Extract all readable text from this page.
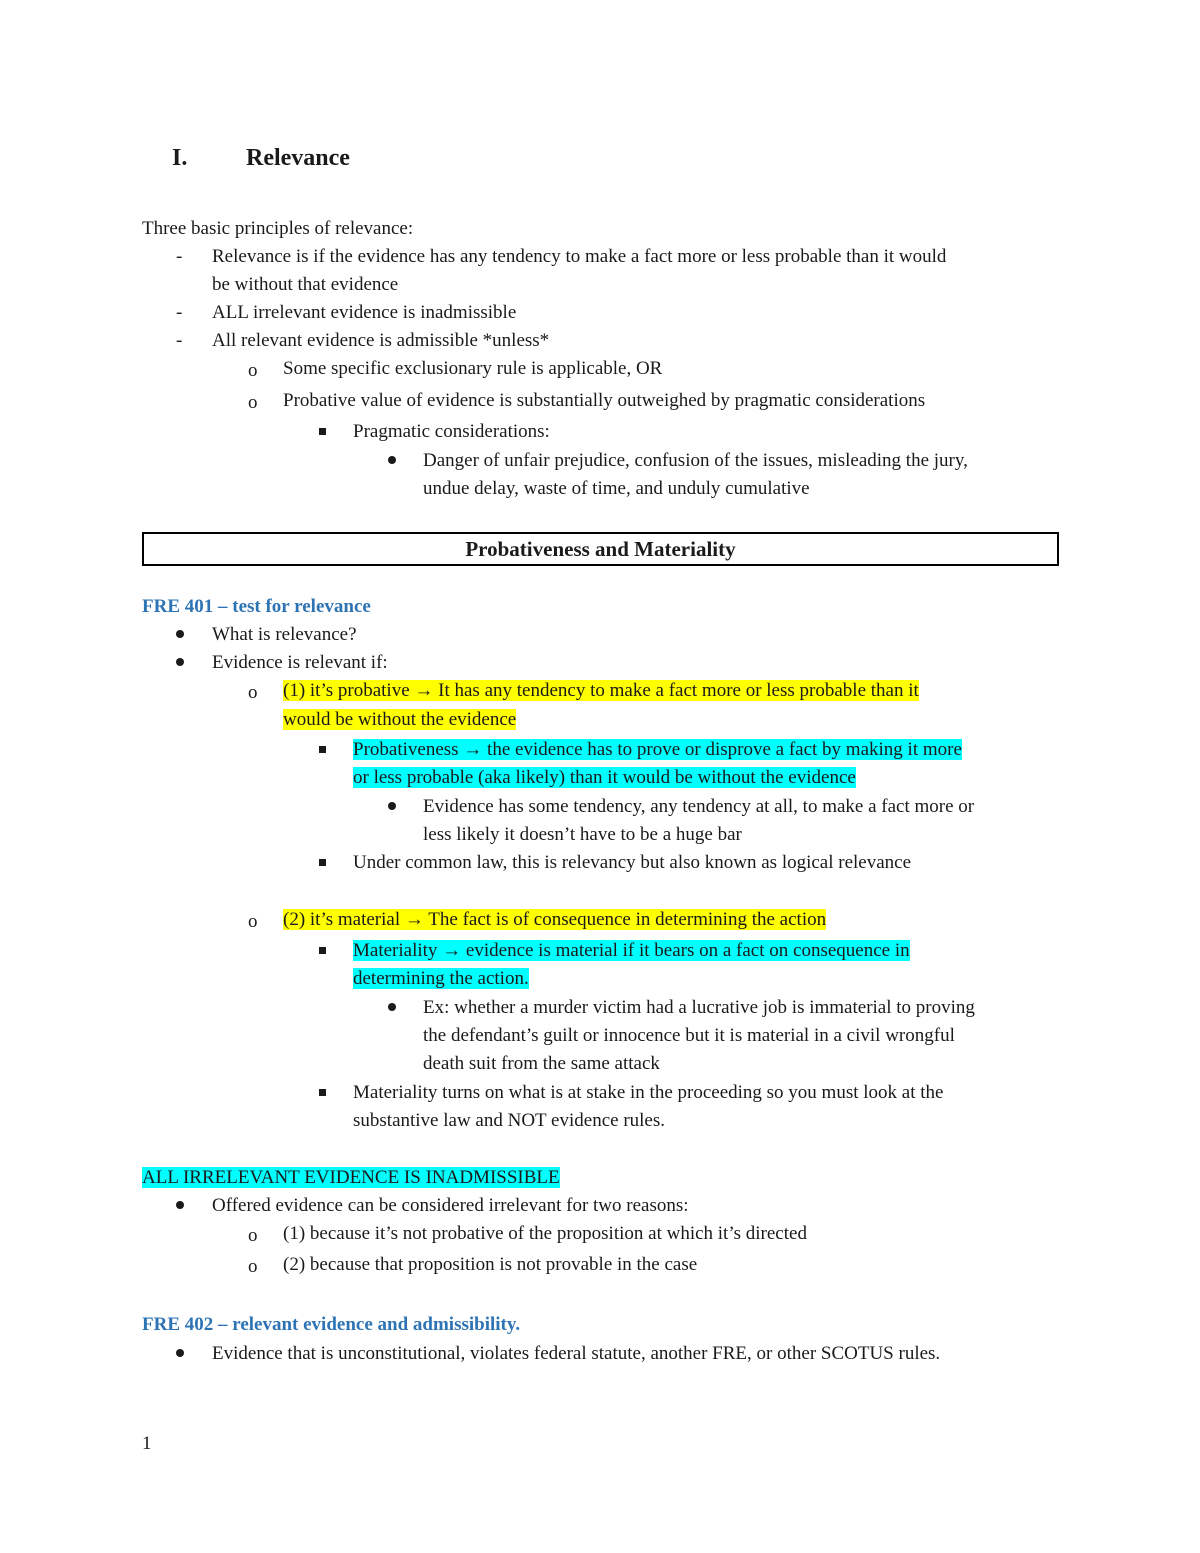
I. Relevance
Three basic principles of relevance:
- Relevance is if the evidence has any tendency to make a fact more or less probable than it would
be without that evidence
- ALL irrelevant evidence is inadmissible
- All relevant evidence is admissible *unless*
o Some specific exclusionary rule is applicable, OR
o Probative value of evidence is substantially outweighed by pragmatic considerations
Pragmatic considerations:
Danger of unfair prejudice, confusion of the issues, misleading the jury,
undue delay, waste of time, and unduly cumulative
Probativeness and Materiality
FRE 401 – test for relevance
What is relevance?
Evidence is relevant if:
o (1) it’s probative → It has any tendency to make a fact more or less probable than it
would be without the evidence
Probativeness → the evidence has to prove or disprove a fact by making it more
or less probable (aka likely) than it would be without the evidence
Evidence has some tendency, any tendency at all, to make a fact more or
less likely it doesn’t have to be a huge bar
Under common law, this is relevancy but also known as logical relevance
o (2) it’s material → The fact is of consequence in determining the action
Materiality → evidence is material if it bears on a fact on consequence in
determining the action.
Ex: whether a murder victim had a lucrative job is immaterial to proving
the defendant’s guilt or innocence but it is material in a civil wrongful
death suit from the same attack
Materiality turns on what is at stake in the proceeding so you must look at the
substantive law and NOT evidence rules.
ALL IRRELEVANT EVIDENCE IS INADMISSIBLE
Offered evidence can be considered irrelevant for two reasons:
o (1) because it’s not probative of the proposition at which it’s directed
o (2) because that proposition is not provable in the case
FRE 402 – relevant evidence and admissibility.
Evidence that is unconstitutional, violates federal statute, another FRE, or other SCOTUS rules.
1
